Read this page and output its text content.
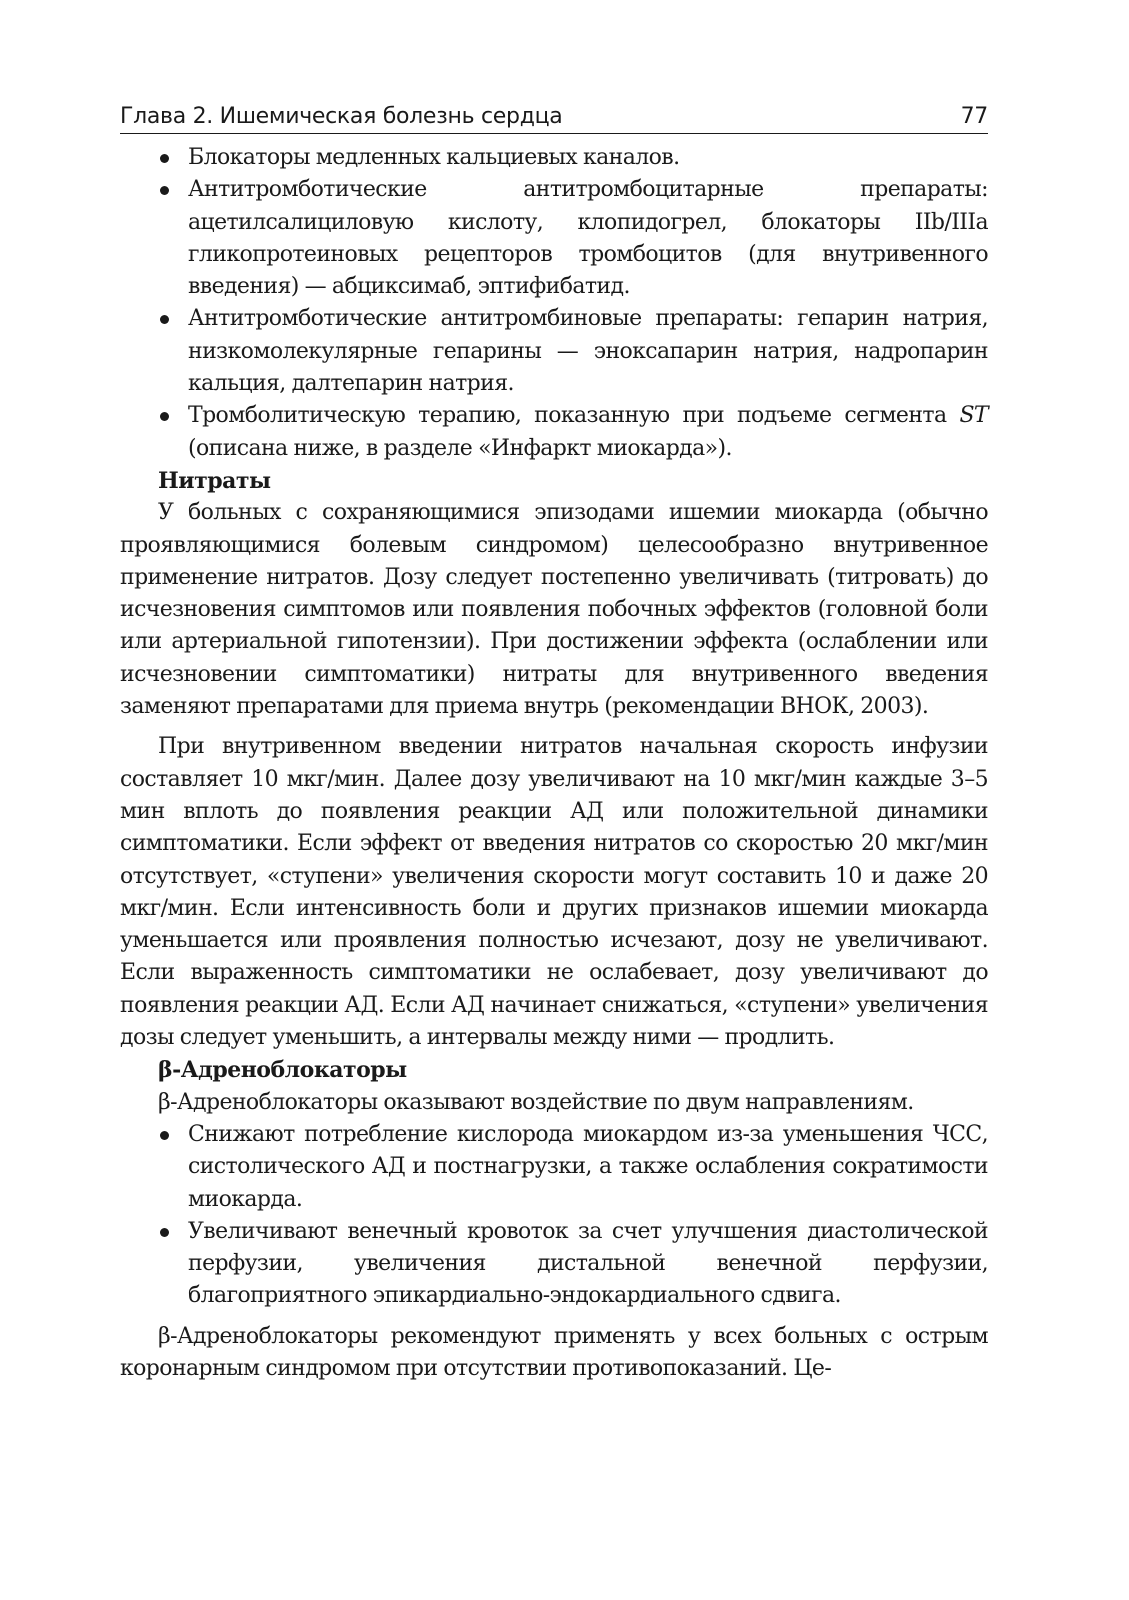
Глава 2. Ишемическая болезнь сердца	77
Блокаторы медленных кальциевых каналов.
Антитромботические антитромбоцитарные препараты: ацетилсалициловую кислоту, клопидогрел, блокаторы IIb/IIIa гликопротеиновых рецепторов тромбоцитов (для внутривенного введения) — абциксимаб, эптифибатид.
Антитромботические антитромбиновые препараты: гепарин натрия, низкомолекулярные гепарины — эноксапарин натрия, надропарин кальция, далтепарин натрия.
Тромболитическую терапию, показанную при подъеме сегмента ST (описана ниже, в разделе «Инфаркт миокарда»).
Нитраты

У больных с сохраняющимися эпизодами ишемии миокарда (обычно проявляющимися болевым синдромом) целесообразно внутривенное применение нитратов. Дозу следует постепенно увеличивать (титровать) до исчезновения симптомов или появления побочных эффектов (головной боли или артериальной гипотензии). При достижении эффекта (ослаблении или исчезновении симптоматики) нитраты для внутривенного введения заменяют препаратами для приема внутрь (рекомендации ВНОК, 2003).

При внутривенном введении нитратов начальная скорость инфузии составляет 10 мкг/мин. Далее дозу увеличивают на 10 мкг/мин каждые 3–5 мин вплоть до появления реакции АД или положительной динамики симптоматики. Если эффект от введения нитратов со скоростью 20 мкг/мин отсутствует, «ступени» увеличения скорости могут составить 10 и даже 20 мкг/мин. Если интенсивность боли и других признаков ишемии миокарда уменьшается или проявления полностью исчезают, дозу не увеличивают. Если выраженность симптоматики не ослабевает, дозу увеличивают до появления реакции АД. Если АД начинает снижаться, «ступени» увеличения дозы следует уменьшить, а интервалы между ними — продлить.

β-Адреноблокаторы

β-Адреноблокаторы оказывают воздействие по двум направлениям.

Снижают потребление кислорода миокардом из-за уменьшения ЧСС, систолического АД и постнагрузки, а также ослабления сократимости миокарда.
Увеличивают венечный кровоток за счет улучшения диастолической перфузии, увеличения дистальной венечной перфузии, благоприятного эпикардиально-эндокардиального сдвига.

β-Адреноблокаторы рекомендуют применять у всех больных с острым коронарным синдромом при отсутствии противопоказаний. Це-
